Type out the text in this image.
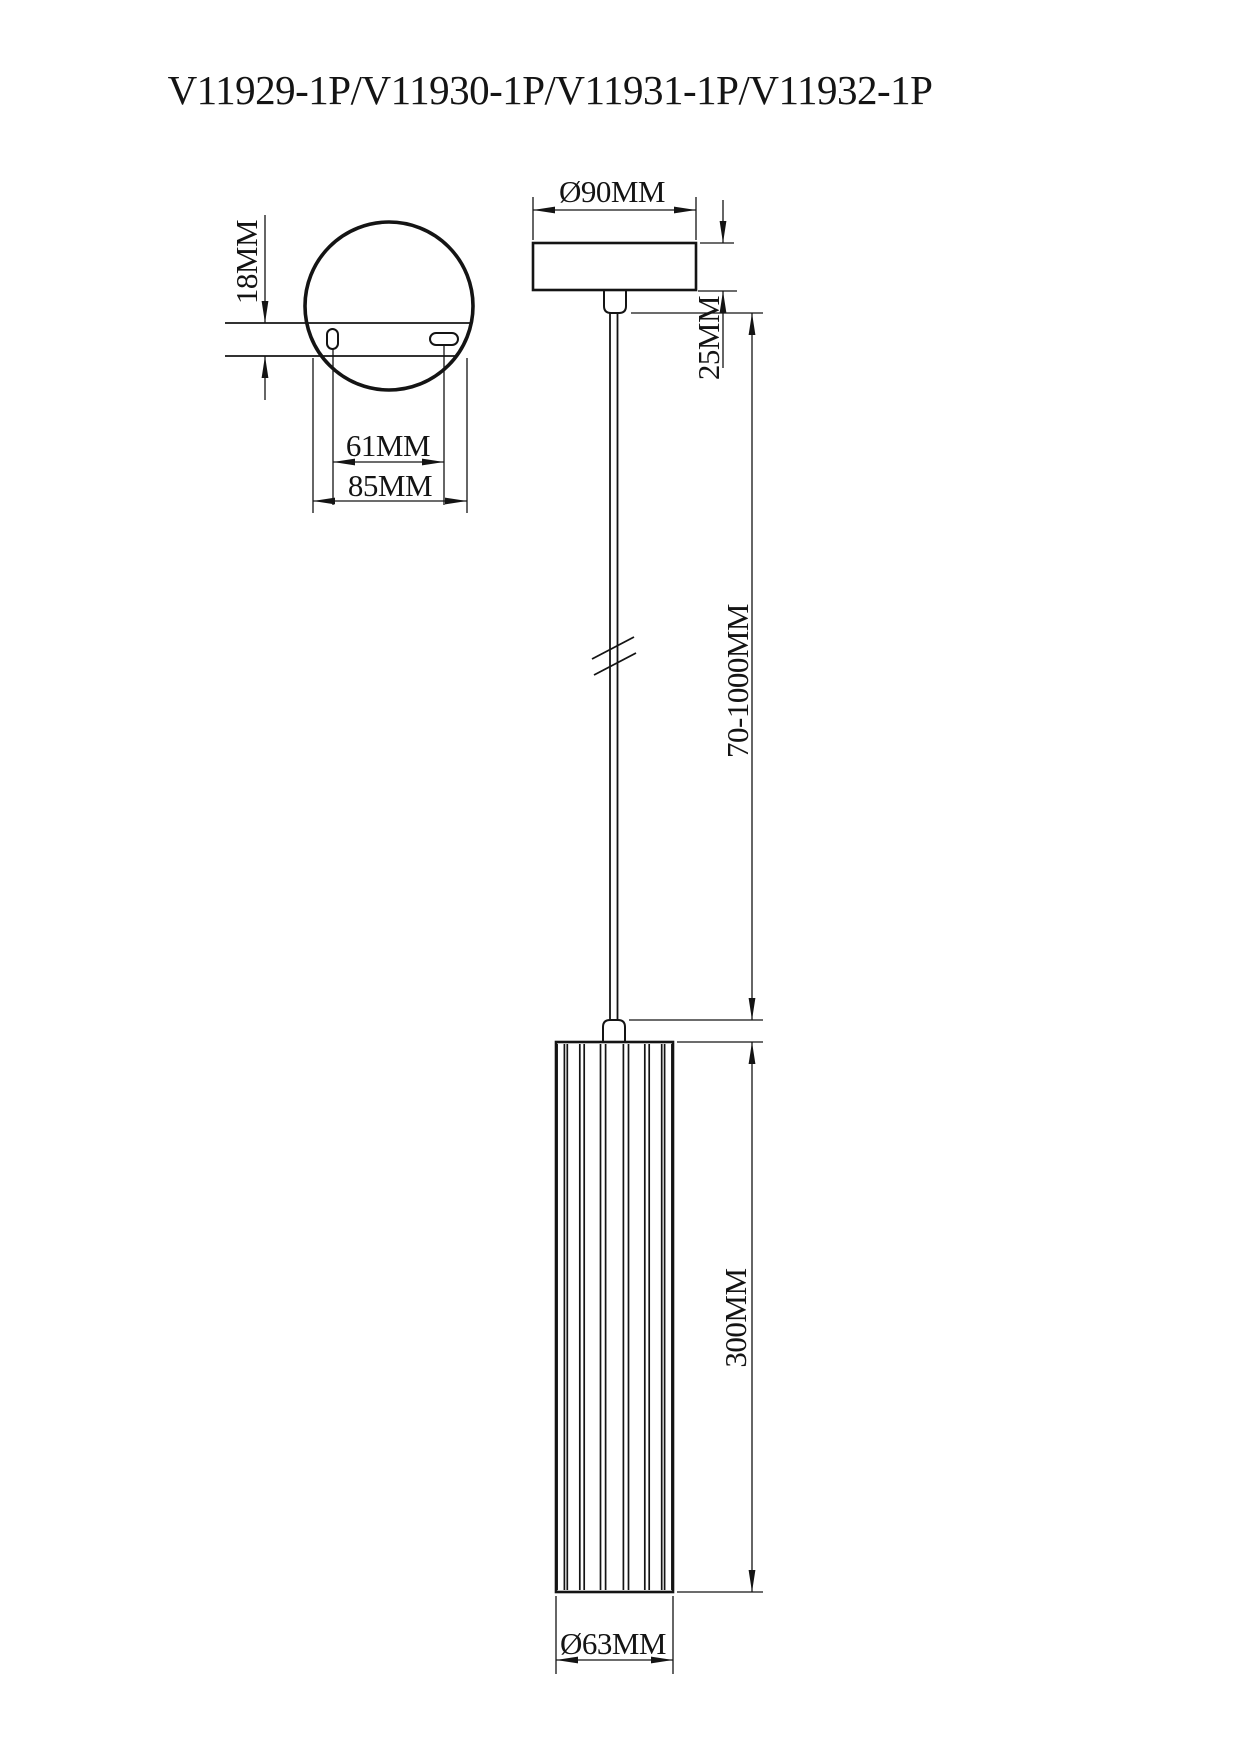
V11929-1P/V11930-1P/V11931-1P/V11932-1P
18MM
61MM
85MM
Ø90MM
25MM
70-1000MM
300MM
Ø63MM
